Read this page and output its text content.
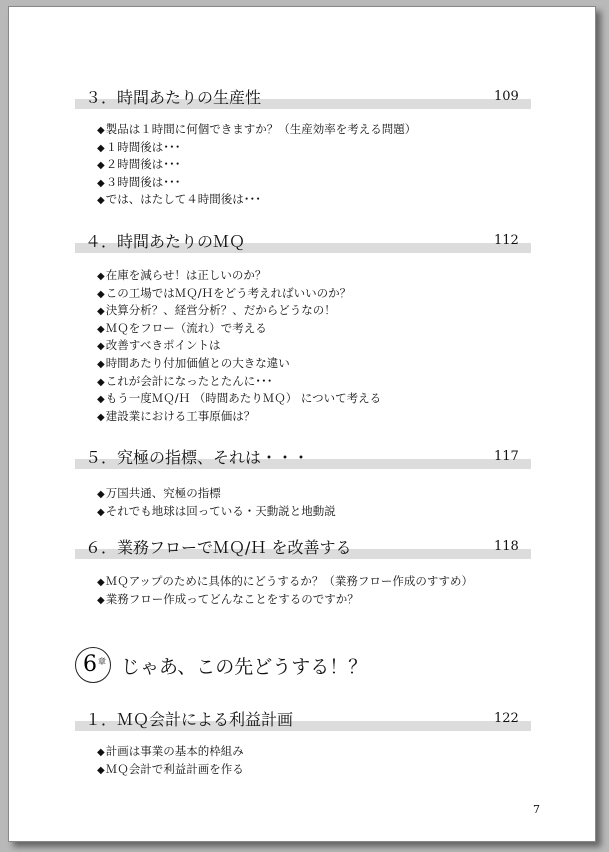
３．時間あたりの生産性	109
◆ 製品は１時間に何個できますか？（生産効率を考える問題）
◆ １時間後は･･･
◆ ２時間後は･･･
◆ ３時間後は･･･
◆ では、はたして４時間後は･･･
４．時間あたりのＭＱ	112
◆ 在庫を減らせ！は正しいのか？
◆ この工場ではＭＱ/Ｈをどう考えればいいのか？
◆ 決算分析？、経営分析？、だからどうなの！
◆ ＭＱをフロー（流れ）で考える
◆ 改善すべきポイントは
◆ 時間あたり付加価値との大きな違い
◆ これが会計になったとたんに･･･
◆ もう一度ＭＱ/Ｈ （時間あたりＭＱ） について考える
◆ 建設業における工事原価は？
５．究極の指標、それは・・・	117
◆ 万国共通、究極の指標
◆ それでも地球は回っている・天動説と地動説
６．業務フローでＭＱ/Ｈ を改善する	118
◆ ＭＱアップのために具体的にどうするか？（業務フロー作成のすすめ）
◆ 業務フロー作成ってどんなことをするのですか？
6 章 じゃあ、この先どうする！？
１．ＭＱ会計による利益計画	122
◆ 計画は事業の基本的枠組み
◆ ＭＱ会計で利益計画を作る
7
